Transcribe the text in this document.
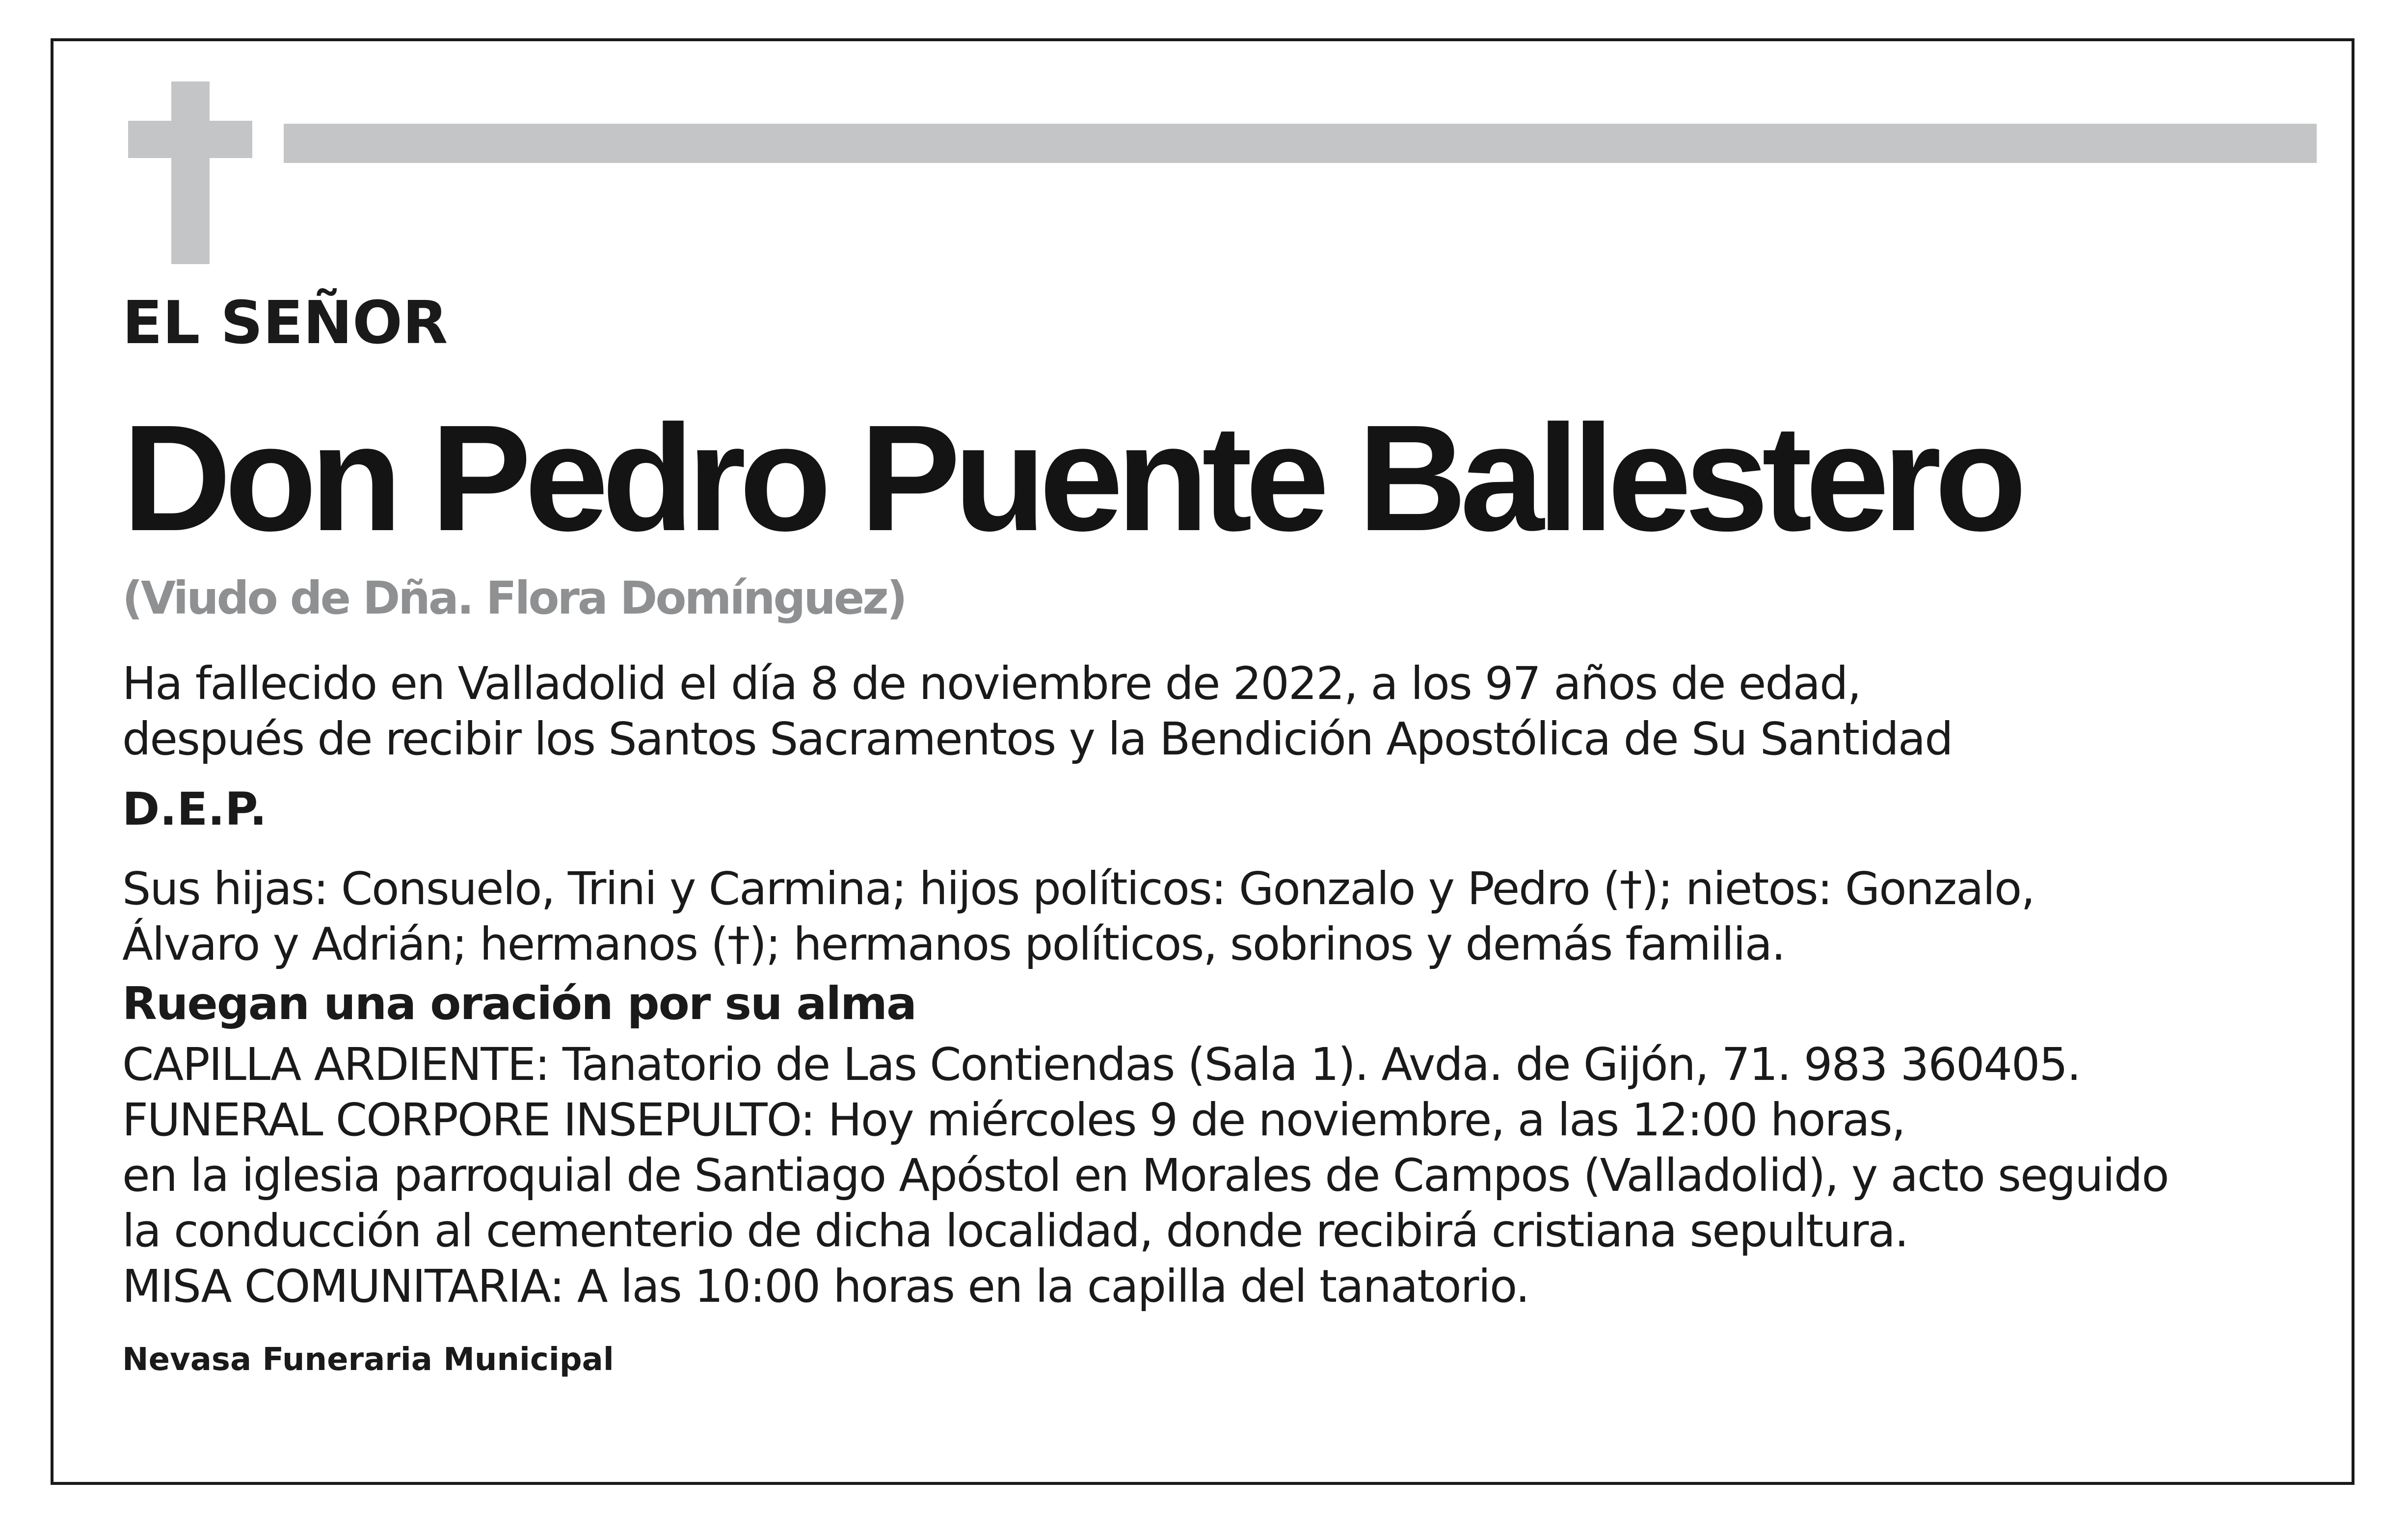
EL SEÑOR

Don Pedro Puente Ballestero

(Viudo de Dña. Flora Domínguez)

Ha fallecido en Valladolid el día 8 de noviembre de 2022, a los 97 años de edad,

después de recibir los Santos Sacramentos y la Bendición Apostólica de Su Santidad

D.E.P.

Sus hijas: Consuelo, Trini y Carmina; hijos políticos: Gonzalo y Pedro (†); nietos: Gonzalo,

Álvaro y Adrián; hermanos (†); hermanos políticos, sobrinos y demás familia.

Ruegan una oración por su alma

CAPILLA ARDIENTE: Tanatorio de Las Contiendas (Sala 1). Avda. de Gijón, 71. 983 360405.

FUNERAL CORPORE INSEPULTO: Hoy miércoles 9 de noviembre, a las 12:00 horas,

en la iglesia parroquial de Santiago Apóstol en Morales de Campos (Valladolid), y acto seguido

la conducción al cementerio de dicha localidad, donde recibirá cristiana sepultura.

MISA COMUNITARIA: A las 10:00 horas en la capilla del tanatorio.

Nevasa Funeraria Municipal
